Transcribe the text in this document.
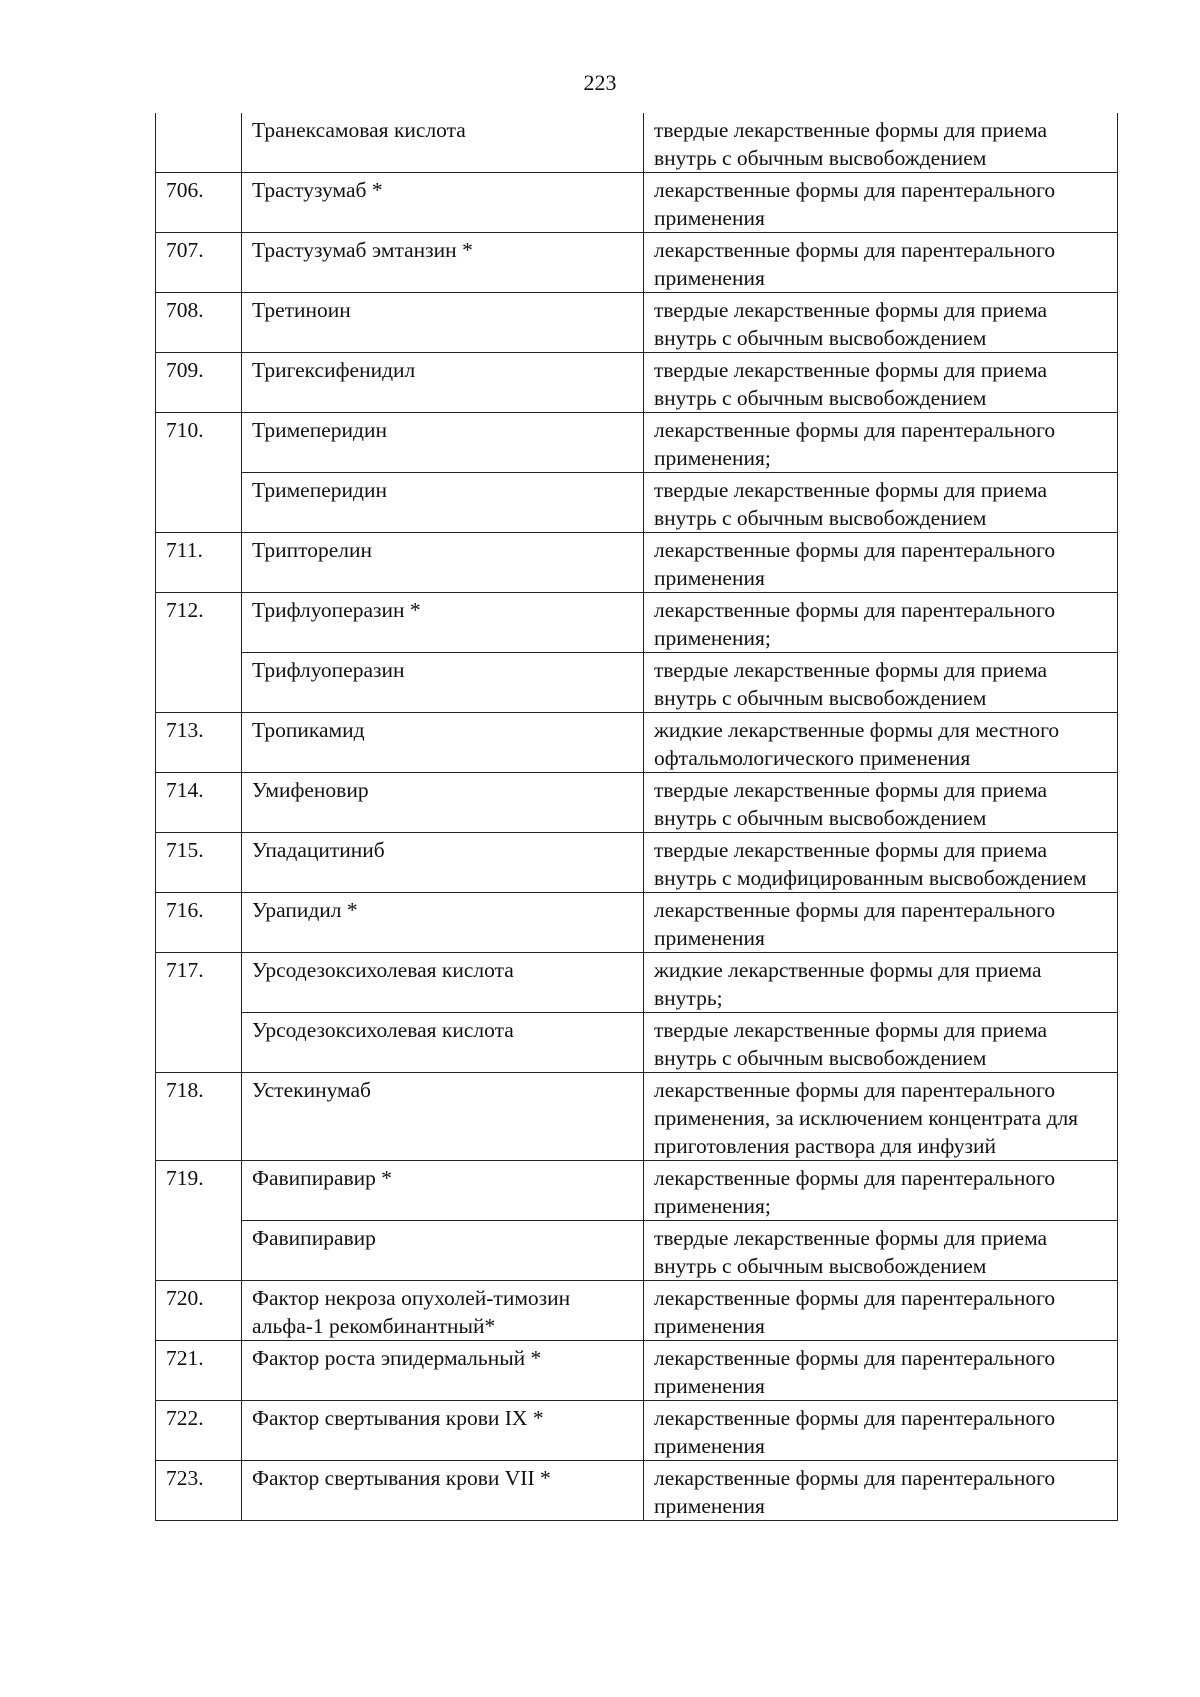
223
	Транексамовая кислота	твердые лекарственные формы для приема внутрь с обычным высвобождением
706.	Трастузумаб *	лекарственные формы для парентерального применения
707.	Трастузумаб эмтанзин *	лекарственные формы для парентерального применения
708.	Третиноин	твердые лекарственные формы для приема внутрь с обычным высвобождением
709.	Тригексифенидил	твердые лекарственные формы для приема внутрь с обычным высвобождением
710.	Тримеперидин	лекарственные формы для парентерального применения;
	Тримеперидин	твердые лекарственные формы для приема внутрь с обычным высвобождением
711.	Трипторелин	лекарственные формы для парентерального применения
712.	Трифлуоперазин *	лекарственные формы для парентерального применения;
	Трифлуоперазин	твердые лекарственные формы для приема внутрь с обычным высвобождением
713.	Тропикамид	жидкие лекарственные формы для местного офтальмологического применения
714.	Умифеновир	твердые лекарственные формы для приема внутрь с обычным высвобождением
715.	Упадацитиниб	твердые лекарственные формы для приема внутрь с модифицированным высвобождением
716.	Урапидил *	лекарственные формы для парентерального применения
717.	Урсодезоксихолевая кислота	жидкие лекарственные формы для приема внутрь;
	Урсодезоксихолевая кислота	твердые лекарственные формы для приема внутрь с обычным высвобождением
718.	Устекинумаб	лекарственные формы для парентерального применения, за исключением концентрата для приготовления раствора для инфузий
719.	Фавипиравир *	лекарственные формы для парентерального применения;
	Фавипиравир	твердые лекарственные формы для приема внутрь с обычным высвобождением
720.	Фактор некроза опухолей-тимозин альфа-1 рекомбинантный*	лекарственные формы для парентерального применения
721.	Фактор роста эпидермальный *	лекарственные формы для парентерального применения
722.	Фактор свертывания крови IX *	лекарственные формы для парентерального применения
723.	Фактор свертывания крови VII *	лекарственные формы для парентерального применения
